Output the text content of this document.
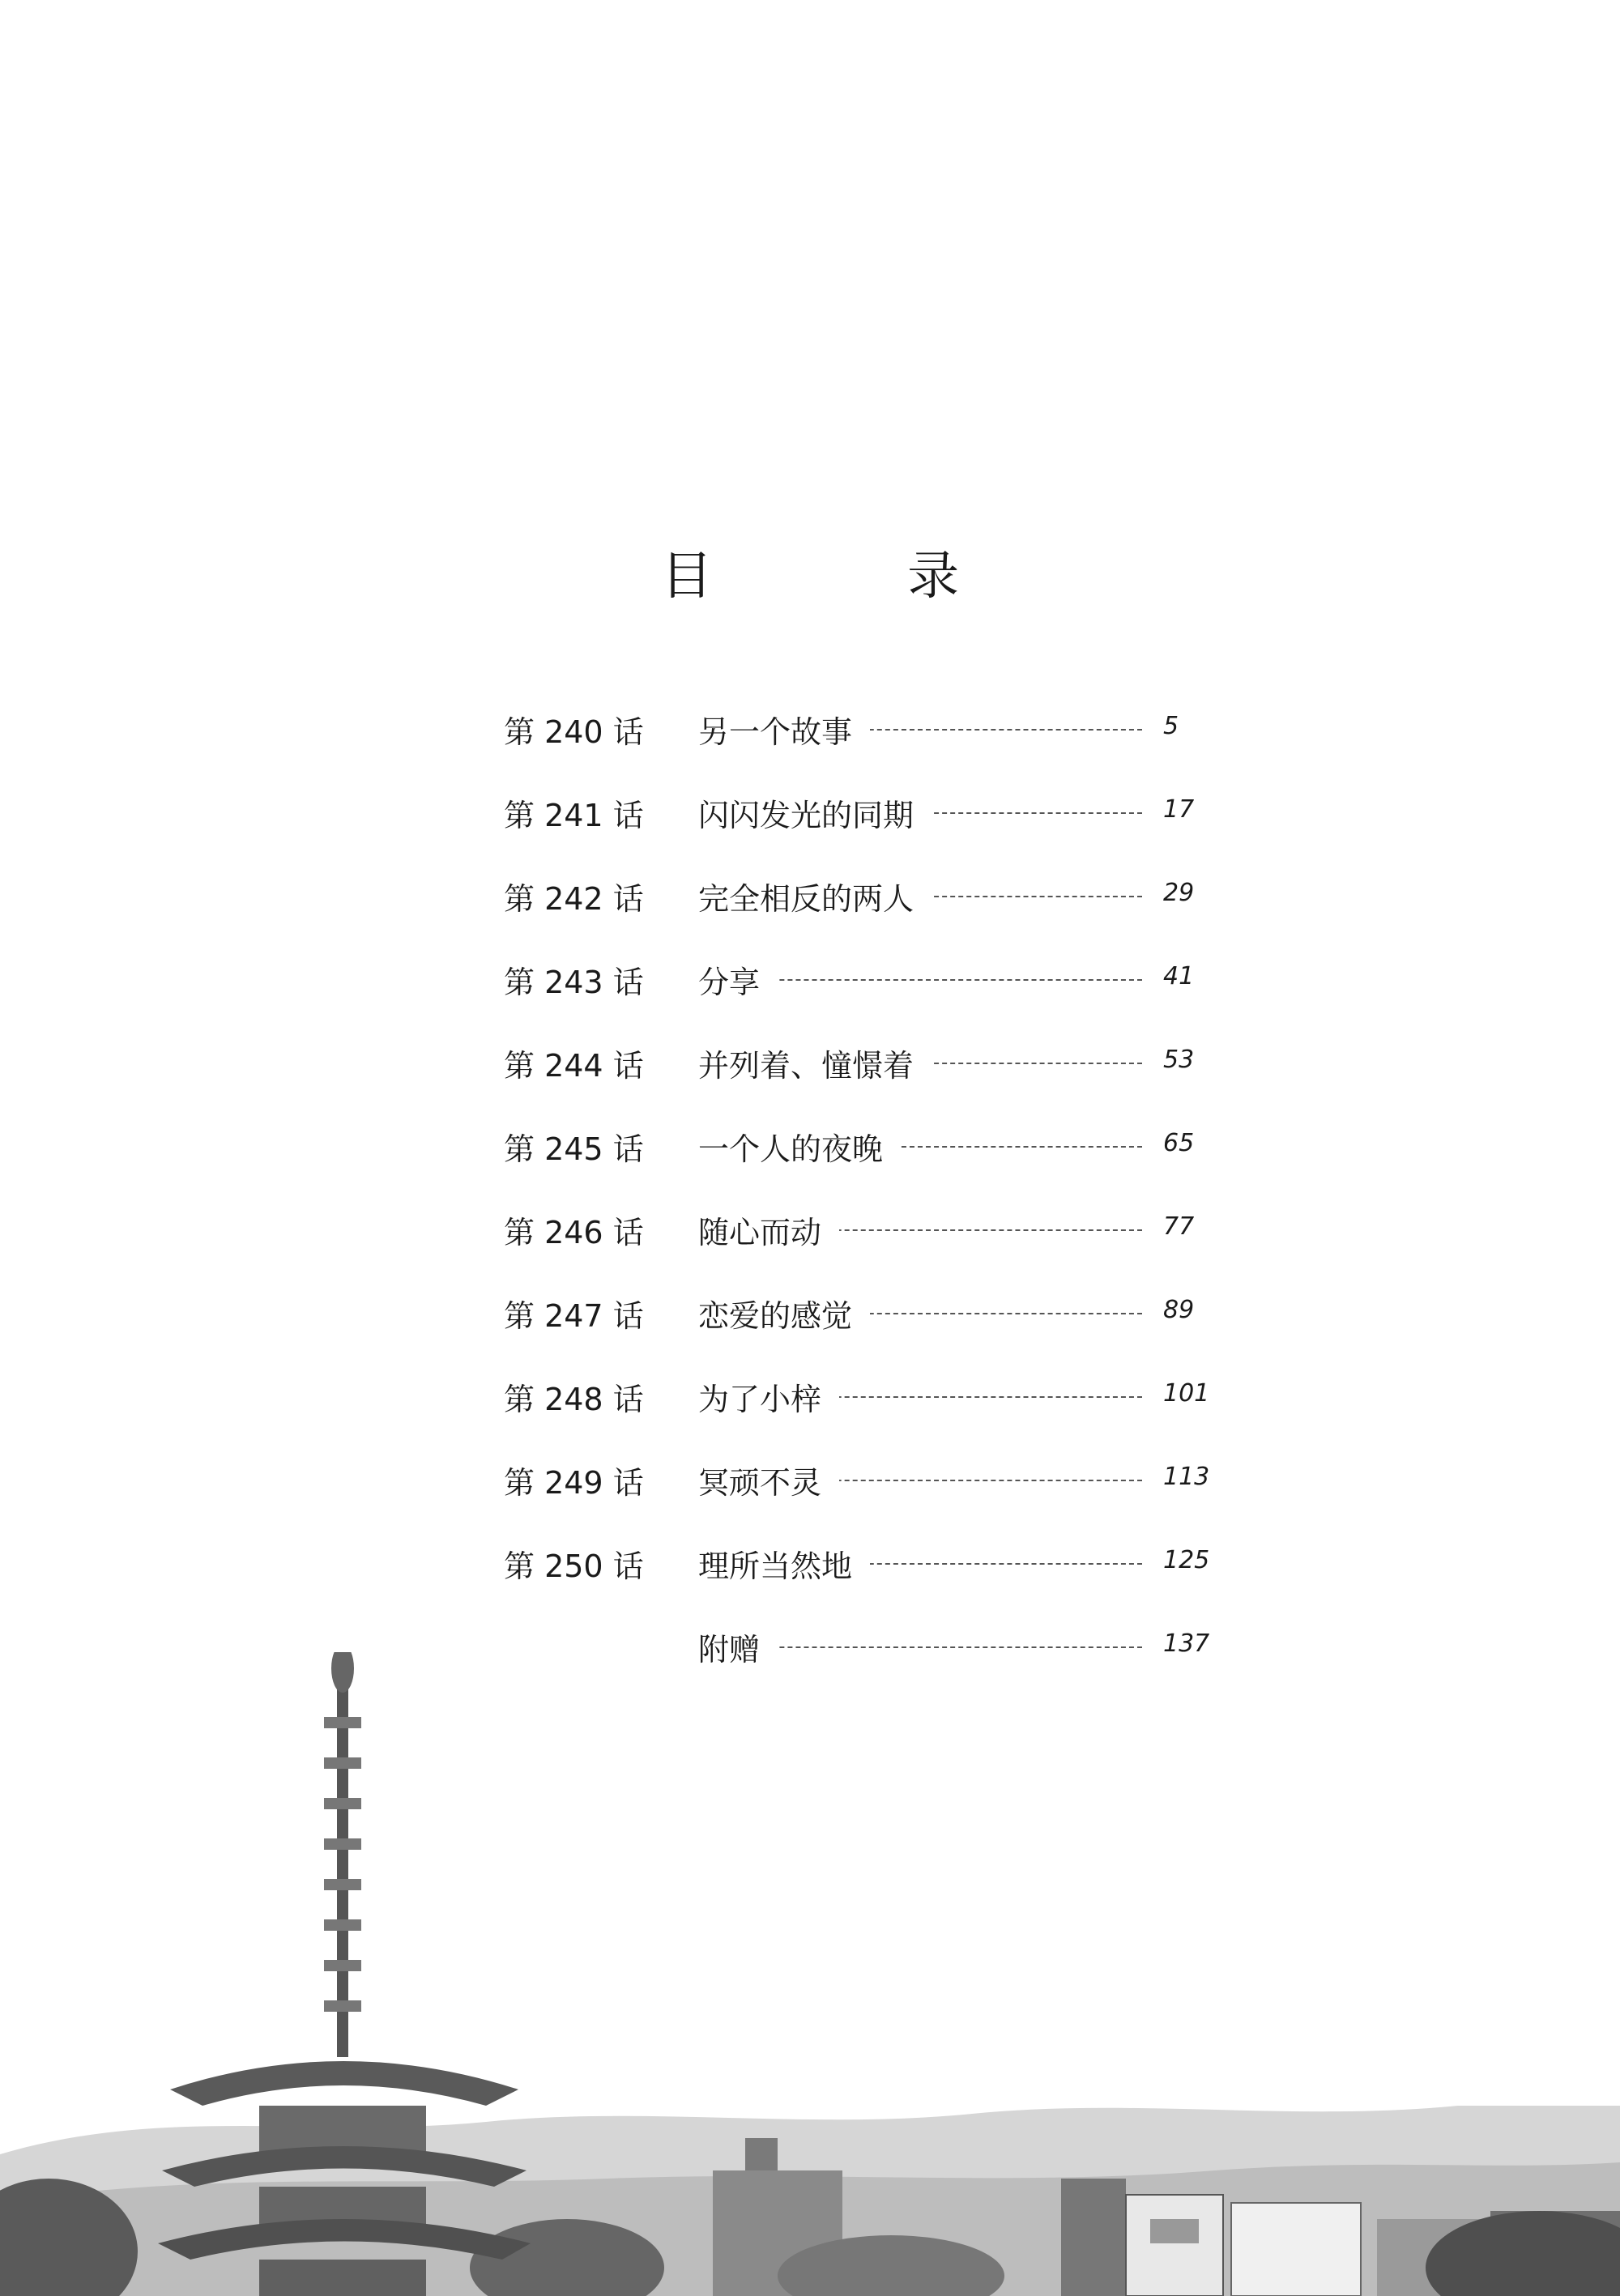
目 录
第 240 话 另一个故事	5
第 241 话 闪闪发光的同期	17
第 242 话 完全相反的两人	29
第 243 话 分享	41
第 244 话 并列着、憧憬着	53
第 245 话 一个人的夜晚	65
第 246 话 随心而动	77
第 247 话 恋爱的感觉	89
第 248 话 为了小梓	101
第 249 话 冥顽不灵	113
第 250 话 理所当然地	125
附赠	137
